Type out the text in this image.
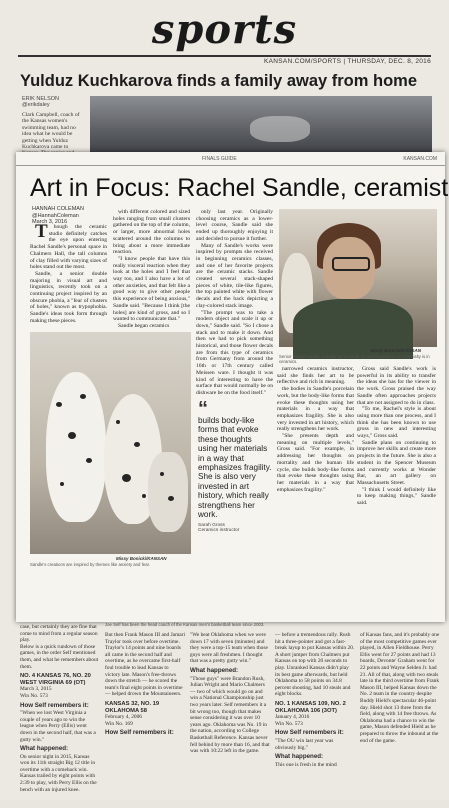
sports
KANSAN.COM/SPORTS | THURSDAY, DEC. 8, 2016
Yulduz Kuchkarova finds a family away from home
ERIK NELSON
@erikdaley
Clark Campbell, coach of the Kansas women's swimming team, had no idea what he would be getting when Yulduz Kuchkarova came to

case, but certainly they are fine that come to mind from a regular season play.

Below is a quick rundown of those games, in the order Self mentioned them, and what he remembers about them.

NO. 4 KANSAS 76, NO. 20 WEST VIRGINIA 69 (OT)

March 3, 2015

Win No. 573

How Self remembers it:

"When we lost West Virginia a couple of years ago to win the league when Perry (Ellis) went down in the second half, that was a gutty win."

What happened:

On senior night in 2015, Kansas won its 11th straight Big 12 title in overtime with a comeback win. Kansas trailed by eight points with 2:39 to play, with Perry Ellis on the bench with an injured knee.

Joe Self has been the head coach of the Kansas men's basketball team since 2003.

But then Frank Mason III and Jamari Traylor took over before overtime. Traylor's 14 points and nine boards all came in the second half and overtime, as he overcame first-half foul trouble to lead Kansas to victory late. Mason's free-throws down the stretch — he scored the team's final eight points in overtime — helped drown the Mountaineers.

KANSAS 32, NO. 19 OKLAHOMA 58

February 4, 2006

Win No. 169

How Self remembers it:

"We beat Oklahoma when we were down 17 with seven (minutes) and they were a top-15 team when those guys were all freshmen. I thought that was a pretty gutty win."

What happened:

"Those guys" were Brandon Rush, Julian Wright and Mario Chalmers — two of which would go on and win a National Championship just two years later. Self remembers it a bit wrong too, though that makes sense considering it was over 10 years ago. Oklahoma was No. 19 in the nation, according to College Basketball Reference. Kansas never fell behind by more than 16, and that was with 10:22 left in the game.

— before a tremendous rally. Rush hit a three-pointer and got a fast-break layup to put Kansas within 20. A short jumper from Chalmers put Kansas on top with 20 seconds to play. Unranked Kansas didn't play its best game afterwards, but held Oklahoma to 58 points on 34.8 percent shooting, had 10 steals and eight blocks.

NO. 1 KANSAS 109, NO. 2 OKLAHOMA 106 (3OT)

January 4, 2016

Win No. 573

How Self remembers it:

"The OU win last year was obviously big."

What happened:

This one is fresh in the mind

of Kansas fans, and it's probably one of the most competitive games ever played, in Allen Fieldhouse. Perry Ellis went for 27 points and had 13 boards, Devonte' Graham went for 22 points and Wayne Selden Jr. had 21. All of that, along with two steals late in the third overtime from Frank Mason III, helped Kansas down the No. 2 team in the country despite Buddy Hield's spectacular 46-point day. Hield shot 13 three from the field, along with 14 free throws. As Oklahoma had a chance to win the game, Mason defended Hield as he prepared to throw the inbound at the end of the game.

FINALS GUIDE	KANSAN.COM
Art in Focus: Rachel Sandle, ceramist
HANNAH COLEMAN
@HannahColeman
March 3, 2016

Though the ceramic studio definitely catches the eye upon entering Rachel Sandle's personal space in Chalmers Hall, the tall columns of clay filled with varying sizes of holes stand out the most.

Sandle, a senior double majoring in visual art and linguistics, recently took on a continuing project inspired by an obscure phobia, a "fear of clusters of holes," known as trypophobia. Sandle's ideas took form through making these pieces.

with different colored and sized holes ranging from small clusters gathered on the top of the column, or larger, more abnormal holes scattered around the columns to bring about a more immediate reaction.

"I know people that have this really visceral reaction when they look at the holes and I feel that way too, and I also have a lot of other anxieties, and that felt like a good way to give other people this experience of being anxious," Sandle said. "Because I think [the holes] are kind of gross, and so I wanted to communicate that."

Sandle began ceramics

only last year. Originally choosing ceramics as a lower-level course, Sandle said she ended up thoroughly enjoying it and decided to pursue it further.

Many of Sandle's works were inspired by prompts she received in beginning ceramics classes, and one of her favorite projects are the ceramic stacks. Sandle created several stack-shaped pieces of white, tile-like figures, the top painted white with flower decals and the back depicting a clay-colored stack image.

"The prompt was to take a modern object and scale it up or down," Sandle said. "So I chose a stack and to make it down. And then we had to pick something historical, and those flower decals are from this type of ceramics from Germany from around the 16th or 17th century called Meissen ware. I thought it was kind of interesting to have the surface that would normally be on dishware be on the food itself."

“
builds body-like forms that evoke these thoughts using her materials in a way that emphasizes fragility. She is also very invested in art history, which really strengthens her work.
Sarah Gross
Ceramics instructor
Missy Bonicki/KANSAN
Senior Rachel Sandle is majoring in visual art and linguistics. Her specialty is in ceramics.

narrowed ceramics instructor, said she finds her art to be reflective and rich in meaning.

the bodies in Sandle's porcelain work, but the body-like forms that evoke these thoughts using her materials in a way that emphasizes fragility. She is also very invested in art history, which really strengthens her work.

"She presents depth and meaning on multiple levels," Gross said. "For example, in addressing her thoughts on mortality and the human life cycle, she builds body-like forms that evoke these thoughts using her materials in a way that emphasizes fragility."

Gross said Sandle's work is powerful in its ability to transfer the ideas she has for the viewer in the work. Gross praised the way Sandle often approaches projects that are not assigned to do in class.

"To me, Rachel's style is about using more than one process, and I think she has been known to use gross in new and interesting ways," Gross said.

Sandle plans on continuing to improve her skills and create more projects in the future. She is also a student in the Spencer Museum and currently works at Wonder Bar, an art gallery on Massachusetts Street.

"I think I would definitely like to keep making things," Sandle said.

Missy Bonicki/KANSAN
Sandle's creations are inspired by themes like anxiety and fear.
